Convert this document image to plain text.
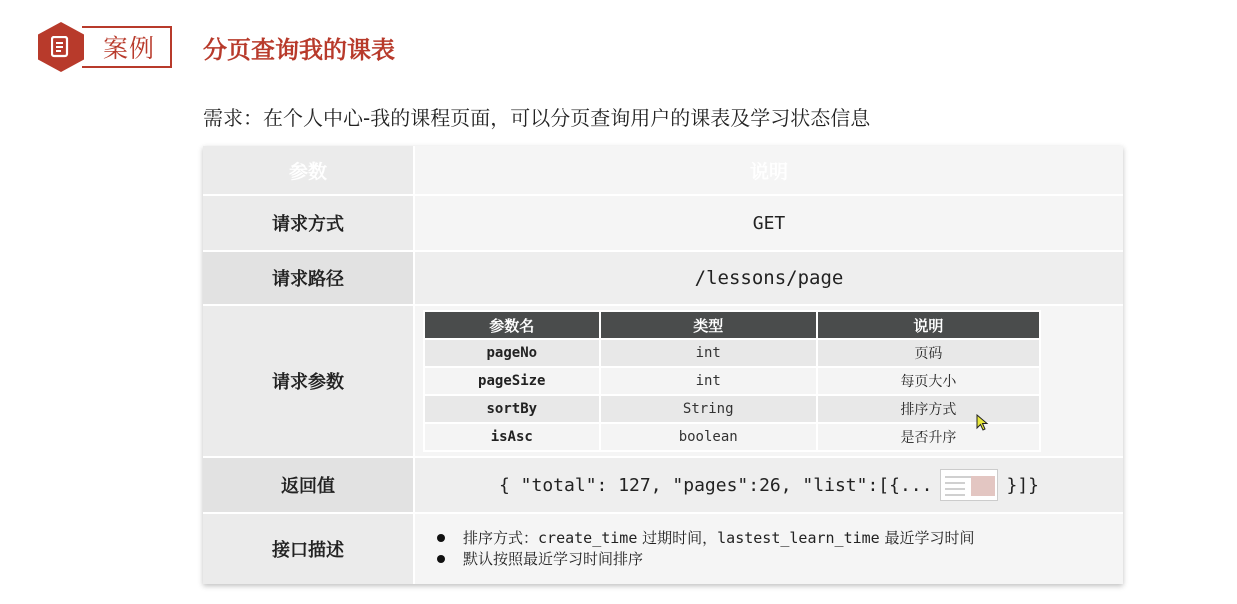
案例	分页查询我的课表
需求：在个人中心-我的课程页面，可以分页查询用户的课表及学习状态信息
参数	说明
请求方式	GET
请求路径	/lessons/page
请求参数
参数名	类型	说明
pageNo	int	页码
pageSize	int	每页大小
sortBy	String	排序方式
isAsc	boolean	是否升序
返回值	{ "total": 127, "pages":26, "list":[{...	}]}
接口描述
排序方式：create_time 过期时间，lastest_learn_time 最近学习时间
默认按照最近学习时间排序
